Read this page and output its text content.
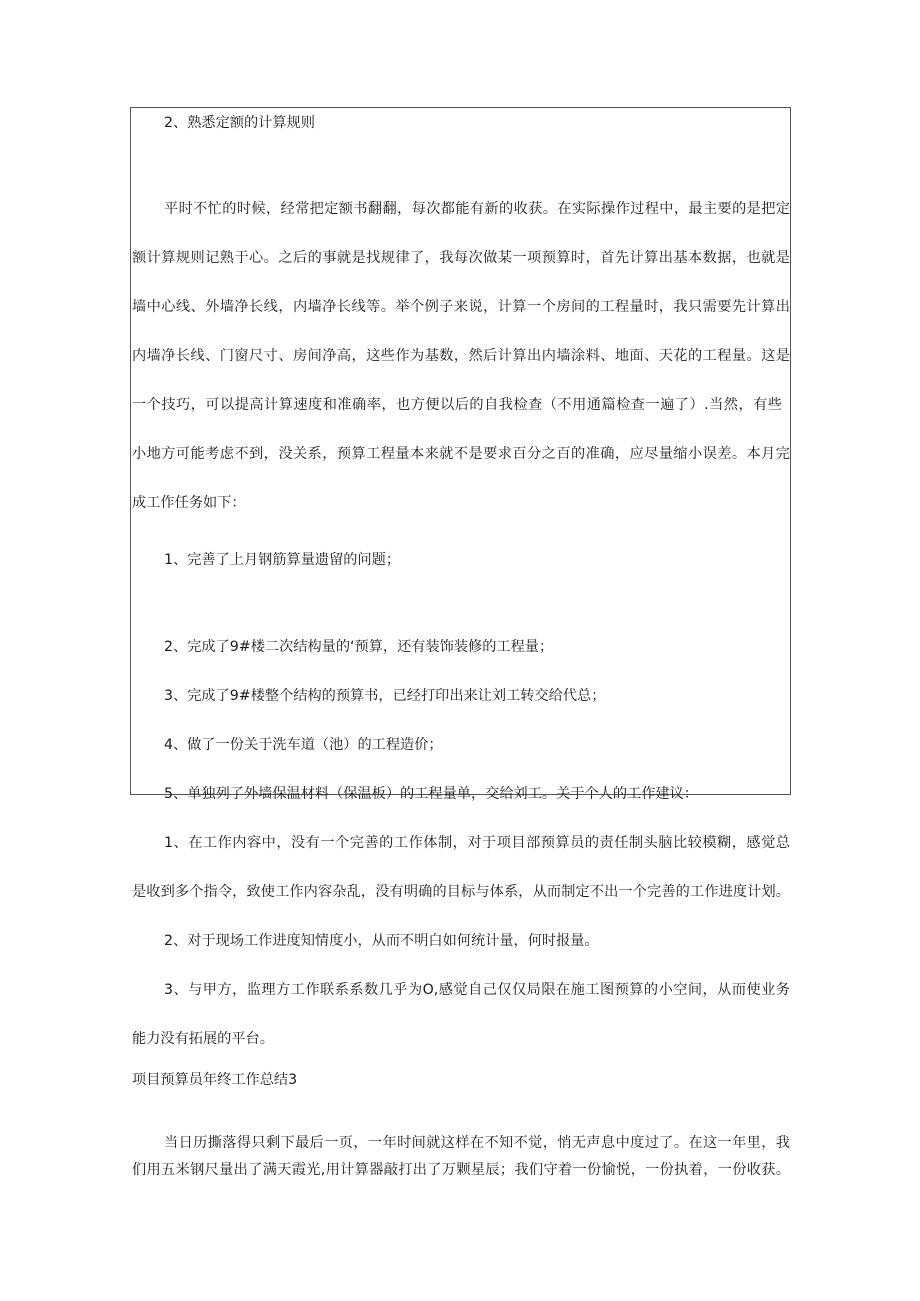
2、熟悉定额的计算规则
平时不忙的时候，经常把定额书翻翻，每次都能有新的收获。在实际操作过程中，最主要的是把定
额计算规则记熟于心。之后的事就是找规律了，我每次做某一项预算时，首先计算出基本数据，也就是
墙中心线、外墙净长线，内墙净长线等。举个例子来说，计算一个房间的工程量时，我只需要先计算出
内墙净长线、门窗尺寸、房间净高，这些作为基数，然后计算出内墙涂料、地面、天花的工程量。这是
一个技巧，可以提高计算速度和准确率，也方便以后的自我检查（不用通篇检查一遍了）.当然，有些
小地方可能考虑不到，没关系，预算工程量本来就不是要求百分之百的准确，应尽量缩小误差。本月完
成工作任务如下：
1、完善了上月钢筋算量遗留的问题；
2、完成了9#楼二次结构量的‘预算，还有装饰装修的工程量；
3、完成了9#楼整个结构的预算书，已经打印出来让刘工转交给代总；
4、做了一份关于洗车道（池）的工程造价；
5、单独列了外墙保温材料（保温板）的工程量单，交给刘工。关于个人的工作建议：
1、在工作内容中，没有一个完善的工作体制，对于项目部预算员的责任制头脑比较模糊，感觉总
是收到多个指令，致使工作内容杂乱，没有明确的目标与体系，从而制定不出一个完善的工作进度计划。
2、对于现场工作进度知情度小，从而不明白如何统计量，何时报量。
3、与甲方，监理方工作联系系数几乎为O,感觉自己仅仅局限在施工图预算的小空间，从而使业务
能力没有拓展的平台。
项目预算员年终工作总结3
当日历撕落得只剩下最后一页，一年时间就这样在不知不觉，悄无声息中度过了。在这一年里，我
们用五米钢尺量出了满天霞光,用计算器敲打出了万颗星辰；我们守着一份愉悦，一份执着，一份收获。
